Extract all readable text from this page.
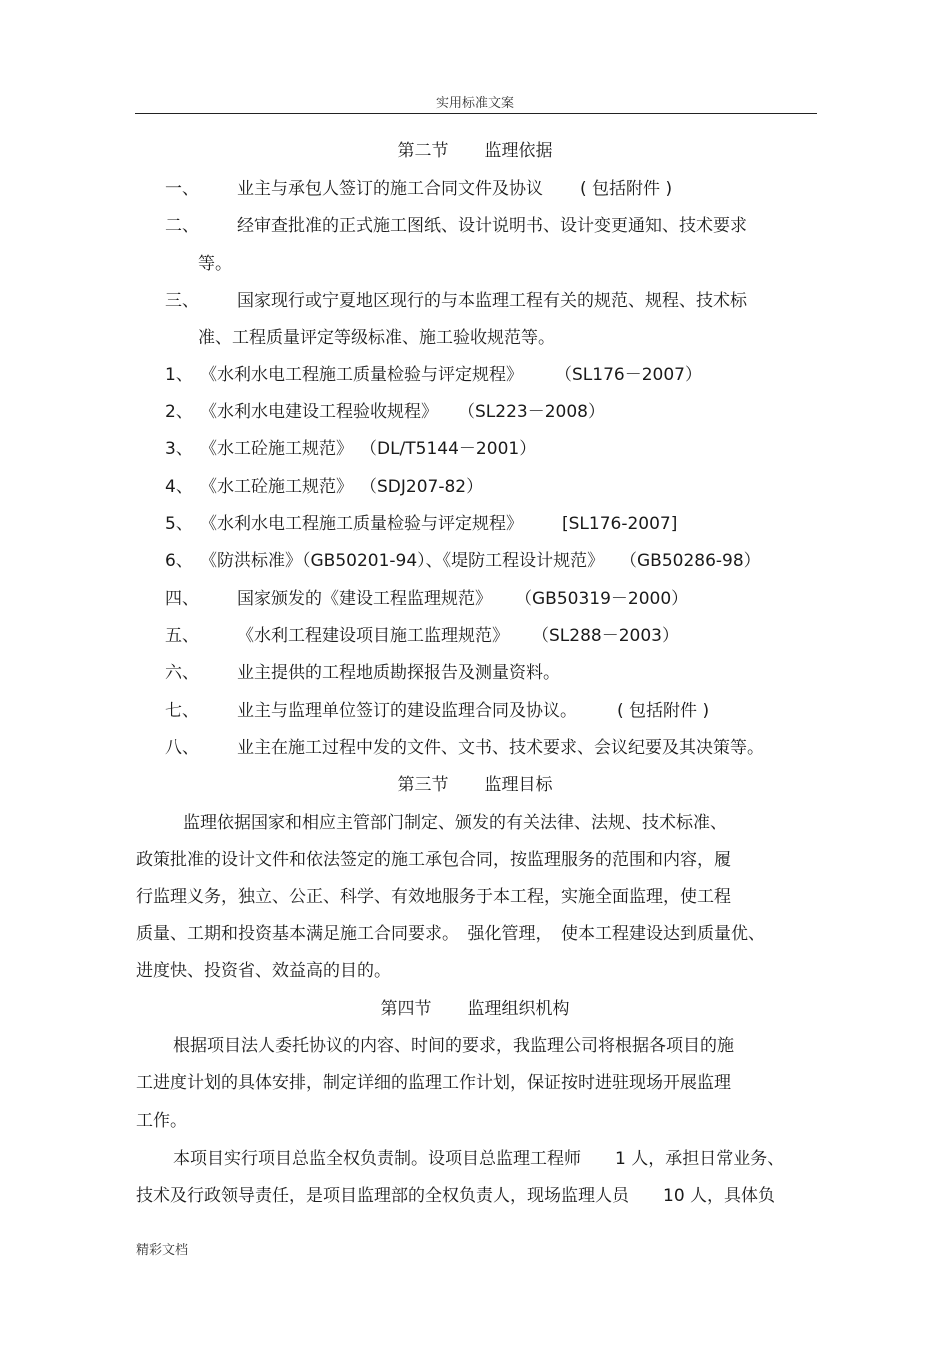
实用标准文案
第二节 监理依据
一、 业主与承包人签订的施工合同文件及协议 ( 包括附件 )
二、 经审查批准的正式施工图纸、设计说明书、设计变更通知、技术要求
等。
三、 国家现行或宁夏地区现行的与本监理工程有关的规范、规程、技术标
准、工程质量评定等级标准、施工验收规范等。
1、 《水利水电工程施工质量检验与评定规程》 （SL176－2007）
2、 《水利水电建设工程验收规程》 （SL223－2008）
3、 《水工砼施工规范》 （DL/T5144－2001）
4、 《水工砼施工规范》 （SDJ207-82）
5、 《水利水电工程施工质量检验与评定规程》 [SL176-2007]
6、 《防洪标准》（GB50201-94）、《堤防工程设计规范》 （GB50286-98）
四、 国家颁发的《建设工程监理规范》 （GB50319－2000）
五、 《水利工程建设项目施工监理规范》 （SL288－2003）
六、 业主提供的工程地质勘探报告及测量资料。
七、 业主与监理单位签订的建设监理合同及协议。 ( 包括附件 )
八、 业主在施工过程中发的文件、文书、技术要求、会议纪要及其决策等。
第三节 监理目标
监理依据国家和相应主管部门制定、颁发的有关法律、法规、技术标准、
政策批准的设计文件和依法签定的施工承包合同，按监理服务的范围和内容，履
行监理义务，独立、公正、科学、有效地服务于本工程，实施全面监理，使工程
质量、工期和投资基本满足施工合同要求。　强化管理，　使本工程建设达到质量优、
进度快、投资省、效益高的目的。
第四节 监理组织机构
根据项目法人委托协议的内容、时间的要求，我监理公司将根据各项目的施
工进度计划的具体安排，制定详细的监理工作计划，保证按时进驻现场开展监理
工作。
本项目实行项目总监全权负责制。设项目总监理工程师　　1 人，承担日常业务、
技术及行政领导责任，是项目监理部的全权负责人，现场监理人员　　10 人，具体负
精彩文档
